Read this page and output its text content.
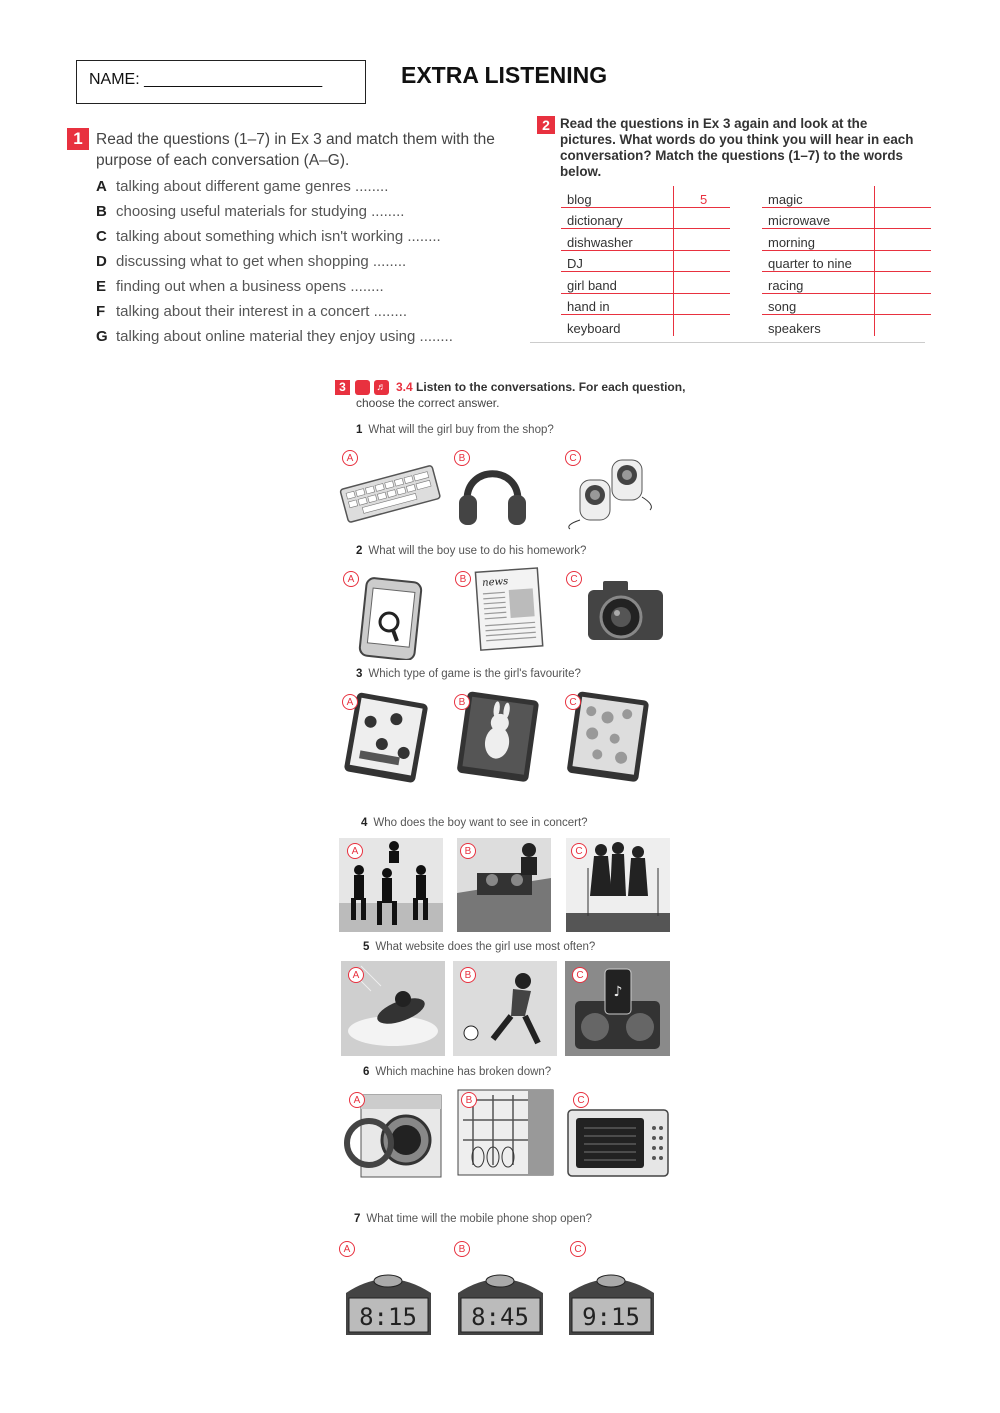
NAME: ____________________	EXTRA LISTENING
1 Read the questions (1–7) in Ex 3 and match them with the purpose of each conversation (A–G).
A talking about different game genres ........
B choosing useful materials for studying ........
C talking about something which isn't working ........
D discussing what to get when shopping ........
E finding out when a business opens ........
F talking about their interest in a concert ........
G talking about online material they enjoy using ........
2 Read the questions in Ex 3 again and look at the pictures. What words do you think you will hear in each conversation? Match the questions (1–7) to the words below.
blog	5
dictionary	
dishwasher	
DJ	
girl band	
hand in	
keyboard	
magic	
microwave	
morning	
quarter to nine	
racing	
song	
speakers	
3	♬ 3.4 Listen to the conversations. For each question,
choose the correct answer.
1 What will the girl buy from the shop?
2 What will the boy use to do his homework?
3 Which type of game is the girl's favourite?
4 Who does the boy want to see in concert?
5 What website does the girl use most often?
6 Which machine has broken down?
7 What time will the mobile phone shop open?
news
♪
8:15 8:45 9:15
A	B	C
A	B	C
A	B	C
A	B	C
A	B	C
A	B	C
A	B	C
